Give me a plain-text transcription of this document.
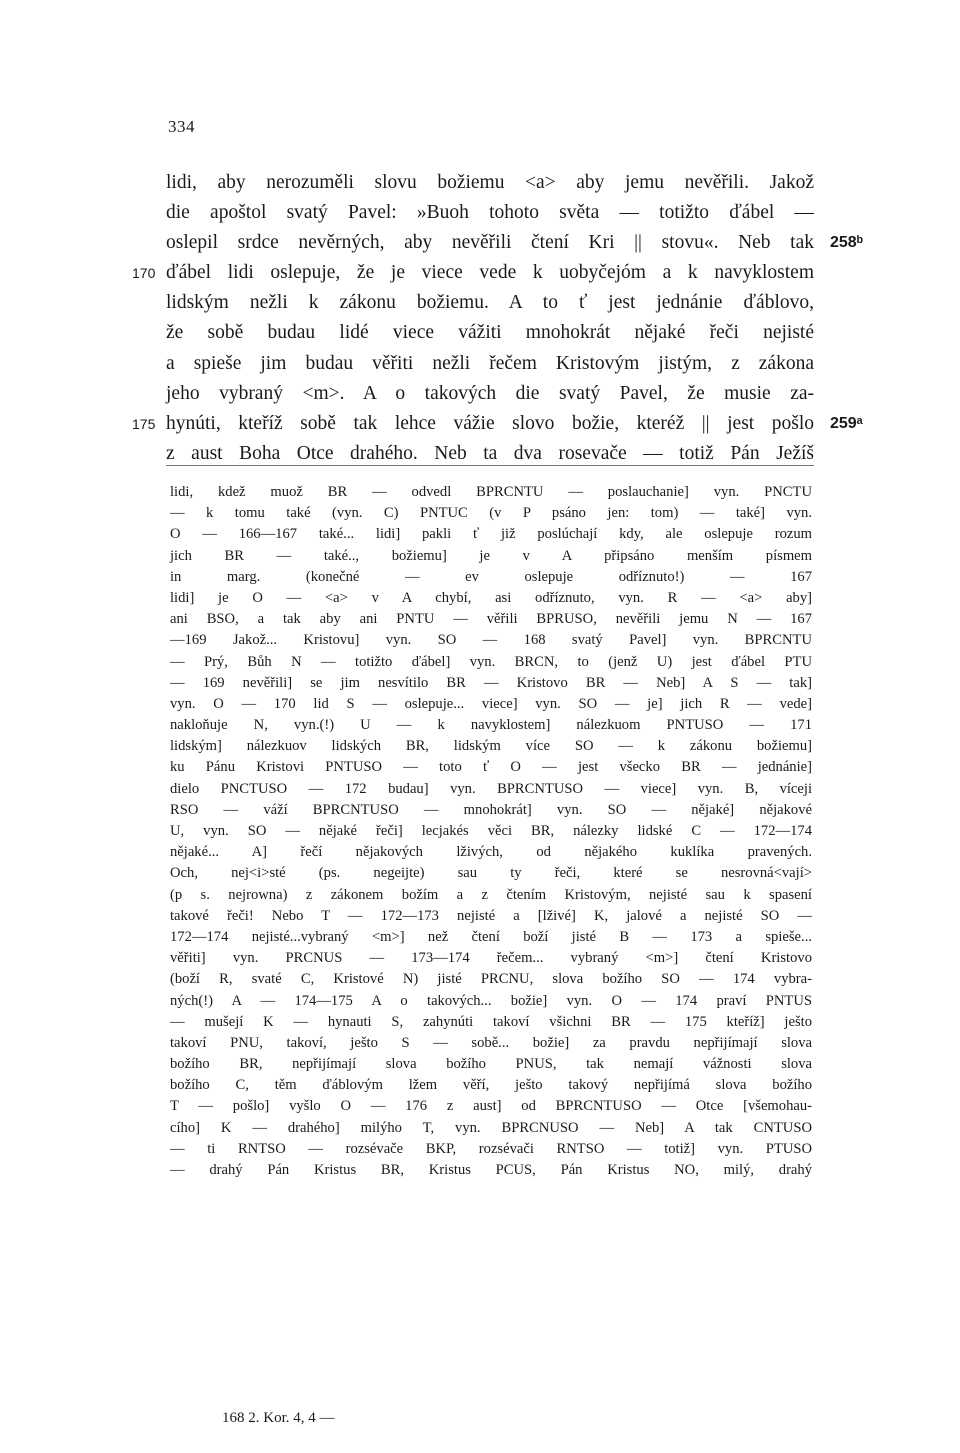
334
lidi, aby nerozuměli slovu božiemu <a> aby jemu nevěřili. Jakož
die apoštol svatý Pavel: »Buoh tohoto světa — totižto ďábel —
oslepil srdce nevěrných, aby nevěřili čtení Kri || stovu«. Neb tak 258ᵇ
ďábel lidi oslepuje, že je viece vede k uobyčejóm a k navyklostem
170
lidským nežli k zákonu božiemu. A to ť jest jednánie ďáblovo,
že sobě budau lidé viece vážiti mnohokrát nějaké řeči nejisté
a spieše jim budau věřiti nežli řečem Kristovým jistým, z zákona
jeho vybraný <m>. A o takových die svatý Pavel, že musie za-
hynúti, kteříž sobě tak lehce vážie slovo božie, kteréž || jest pošlo
175	259ᵃ
z aust Boha Otce drahého. Neb ta dva rosevače — totiž Pán Ježíš
lidi, kdež muož BR — odvedl BPRCNTU — poslauchanie] vyn. PNCTU
— k tomu také (vyn. C) PNTUC (v P psáno jen: tom) — také] vyn.
O — 166—167 také... lidi] pakli ť již poslúchají kdy, ale oslepuje rozum
jich BR — také.., božiemu] je v A připsáno menším písmem
in marg. (konečné — ev oslepuje odříznuto!) — 167
lidi] je O — <a> v A chybí, asi odříznuto, vyn. R — <a> aby]
ani BSO, a tak aby ani PNTU — věřili BPRUSO, nevěřili jemu N — 167
—169 Jakož... Kristovu] vyn. SO — 168 svatý Pavel] vyn. BPRCNTU
— Prý, Bůh N — totižto ďábel] vyn. BRCN, to (jenž U) jest ďábel PTU
— 169 nevěřili] se jim nesvítilo BR — Kristovo BR — Neb] A S — tak]
vyn. O — 170 lid S — oslepuje... viece] vyn. SO — je] jich R — vede]
nakloňuje N, vyn.(!) U — k navyklostem] nálezkuom PNTUSO — 171
lidským] nálezkuov lidských BR, lidským více SO — k zákonu božiemu]
ku Pánu Kristovi PNTUSO — toto ť O — jest všecko BR — jednánie]
dielo PNCTUSO — 172 budau] vyn. BPRCNTUSO — viece] vyn. B, víceji
RSO — váží BPRCNTUSO — mnohokrát] vyn. SO — nějaké] nějakové
U, vyn. SO — nějaké řeči] lecjakés věci BR, nálezky lidské C — 172—174
nějaké... A] řečí nějakových lživých, od nějakého kuklíka pravených.
Och, nej<i>sté (ps. negeijte) sau ty řeči, které se nesrovná<vají>
(p s. nejrowna) z zákonem božím a z čtením Kristovým, nejisté sau k spasení
takové řeči! Nebo T — 172—173 nejisté a [lživé] K, jalové a nejisté SO —
172—174 nejisté...vybraný <m>] než čtení boží jisté B — 173 a spieše...
věřiti] vyn. PRCNUS — 173—174 řečem... vybraný <m>] čtení Kristovo
(boží R, svaté C, Kristové N) jisté PRCNU, slova božího SO — 174 vybra-
ných(!) A — 174—175 A o takových... božie] vyn. O — 174 praví PNTUS
— mušejí K — hynauti S, zahynúti takoví všichni BR — 175 kteříž] ješto
takoví PNU, takoví, ješto S — sobě... božie] za pravdu nepřijímají slova
božího BR, nepřijímají slova božího PNUS, tak nemají vážnosti slova
božího C, těm ďáblovým lžem věří, ješto takový nepřijímá slova božího
T — pošlo] vyšlo O — 176 z aust] od BPRCNTUSO — Otce [všemohau-
cího] K — drahého] milýho T, vyn. BPRCNUSO — Neb] A tak CNTUSO
— ti RNTSO — rozsévače BKP, rozsévači RNTSO — totiž] vyn. PTUSO
— drahý Pán Kristus BR, Kristus PCUS, Pán Kristus NO, milý, drahý
168 2. Kor. 4, 4 —
